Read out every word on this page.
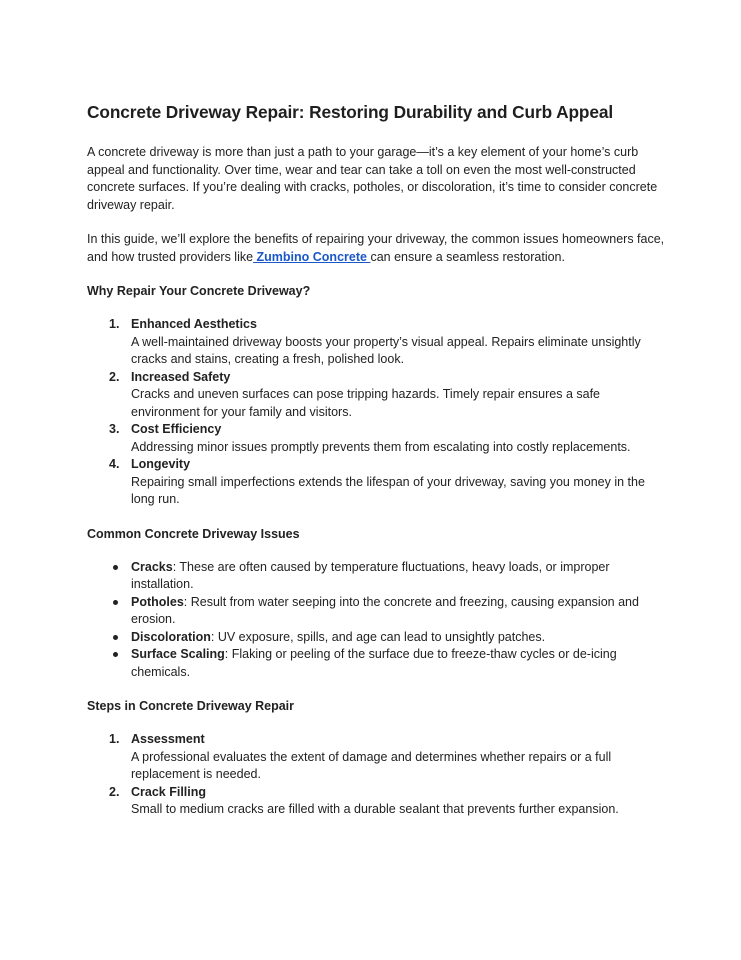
Concrete Driveway Repair: Restoring Durability and Curb Appeal

A concrete driveway is more than just a path to your garage—it’s a key element of your home’s curb appeal and functionality. Over time, wear and tear can take a toll on even the most well-constructed concrete surfaces. If you’re dealing with cracks, potholes, or discoloration, it’s time to consider concrete driveway repair.

In this guide, we’ll explore the benefits of repairing your driveway, the common issues homeowners face, and how trusted providers like Zumbino Concrete can ensure a seamless restoration.

Why Repair Your Concrete Driveway?
1. Enhanced Aesthetics
A well-maintained driveway boosts your property’s visual appeal. Repairs eliminate unsightly cracks and stains, creating a fresh, polished look.
2. Increased Safety
Cracks and uneven surfaces can pose tripping hazards. Timely repair ensures a safe environment for your family and visitors.
3. Cost Efficiency
Addressing minor issues promptly prevents them from escalating into costly replacements.
4. Longevity
Repairing small imperfections extends the lifespan of your driveway, saving you money in the long run.
Common Concrete Driveway Issues
Cracks: These are often caused by temperature fluctuations, heavy loads, or improper installation.
Potholes: Result from water seeping into the concrete and freezing, causing expansion and erosion.
Discoloration: UV exposure, spills, and age can lead to unsightly patches.
Surface Scaling: Flaking or peeling of the surface due to freeze-thaw cycles or de-icing chemicals.
Steps in Concrete Driveway Repair
1. Assessment
A professional evaluates the extent of damage and determines whether repairs or a full replacement is needed.
2. Crack Filling
Small to medium cracks are filled with a durable sealant that prevents further expansion.
